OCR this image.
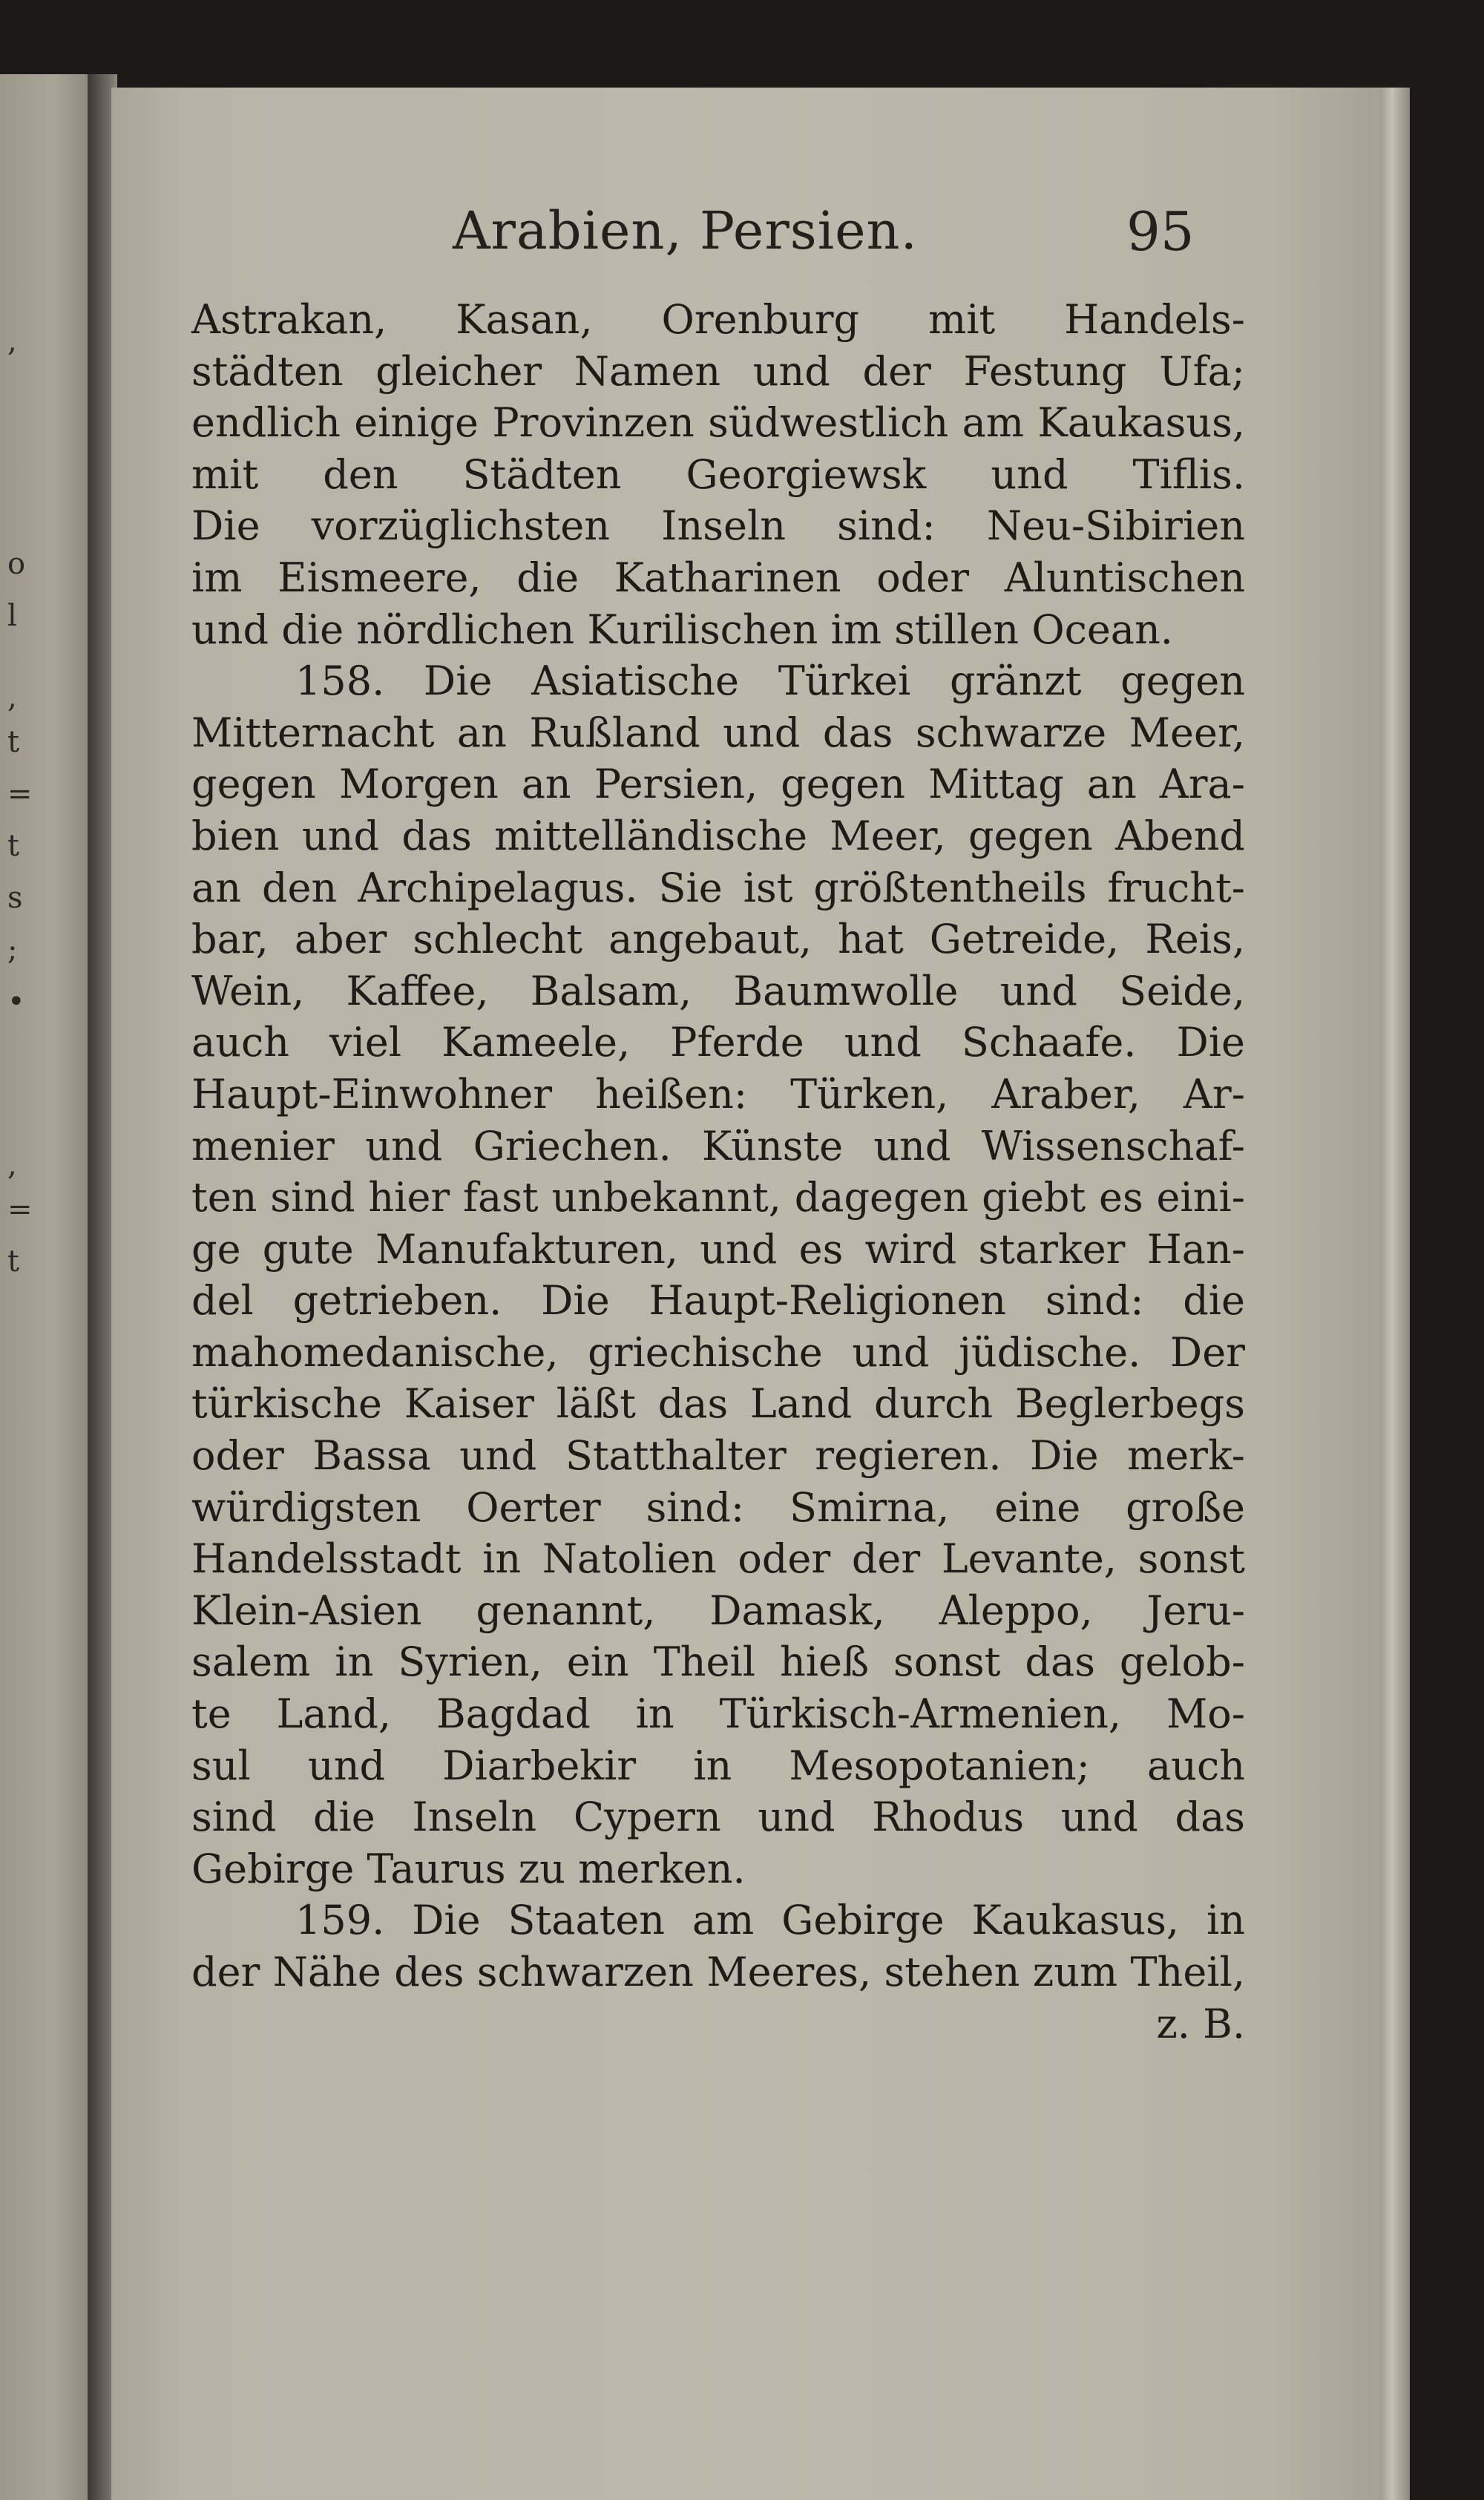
,
o
l
,
t
=
t
s
;
•
,
=
t
Arabien, Persien.	95
Astrakan, Kasan, Orenburg mit Handels-
städten gleicher Namen und der Festung Ufa;
endlich einige Provinzen südwestlich am Kaukasus,
mit den Städten Georgiewsk und Tiflis.
Die vorzüglichsten Inseln sind: Neu-Sibirien
im Eismeere, die Katharinen oder Aluntischen
und die nördlichen Kurilischen im stillen Ocean.
158. Die Asiatische Türkei gränzt gegen
Mitternacht an Rußland und das schwarze Meer,
gegen Morgen an Persien, gegen Mittag an Ara-
bien und das mittelländische Meer, gegen Abend
an den Archipelagus. Sie ist größtentheils frucht-
bar, aber schlecht angebaut, hat Getreide, Reis,
Wein, Kaffee, Balsam, Baumwolle und Seide,
auch viel Kameele, Pferde und Schaafe. Die
Haupt-Einwohner heißen: Türken, Araber, Ar-
menier und Griechen. Künste und Wissenschaf-
ten sind hier fast unbekannt, dagegen giebt es eini-
ge gute Manufakturen, und es wird starker Han-
del getrieben. Die Haupt-Religionen sind: die
mahomedanische, griechische und jüdische. Der
türkische Kaiser läßt das Land durch Beglerbegs
oder Bassa und Statthalter regieren. Die merk-
würdigsten Oerter sind: Smirna, eine große
Handelsstadt in Natolien oder der Levante, sonst
Klein-Asien genannt, Damask, Aleppo, Jeru-
salem in Syrien, ein Theil hieß sonst das gelob-
te Land, Bagdad in Türkisch-Armenien, Mo-
sul und Diarbekir in Mesopotanien; auch
sind die Inseln Cypern und Rhodus und das
Gebirge Taurus zu merken.
159. Die Staaten am Gebirge Kaukasus, in
der Nähe des schwarzen Meeres, stehen zum Theil,
z. B.
